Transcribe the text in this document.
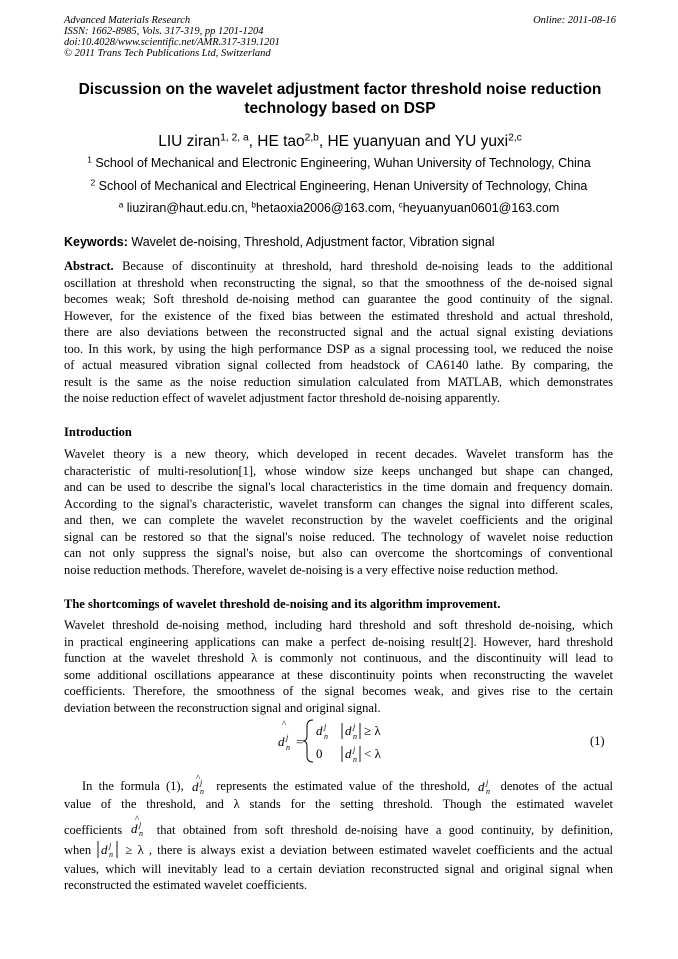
Advanced Materials Research
ISSN: 1662-8985, Vols. 317-319, pp 1201-1204
doi:10.4028/www.scientific.net/AMR.317-319.1201
© 2011 Trans Tech Publications Ltd, Switzerland
Online: 2011-08-16
Discussion on the wavelet adjustment factor threshold noise reduction
technology based on DSP
LIU ziran$^{1, 2, a}$, HE tao$^{2,b}$, HE yuanyuan and YU yuxi$^{2,c}$
$^1$ School of Mechanical and Electronic Engineering, Wuhan University of Technology, China
$^2$ School of Mechanical and Electrical Engineering, Henan University of Technology, China
$^a$ liuziran@haut.edu.cn, $^b$hetaoxia2006@163.com, $^c$heyuanyuan0601@163.com
Keywords: Wavelet de-noising, Threshold, Adjustment factor, Vibration signal
Abstract. Because of discontinuity at threshold, hard threshold de-noising leads to the additional
oscillation at threshold when reconstructing the signal, so that the smoothness of the de-noised signal
becomes weak; Soft threshold de-noising method can guarantee the good continuity of the signal.
However, for the existence of the fixed bias between the estimated threshold and actual threshold,
there are also deviations between the reconstructed signal and the actual signal existing deviations
too. In this work, by using the high performance DSP as a signal processing tool, we reduced the noise
of actual measured vibration signal collected from headstock of CA6140 lathe. By comparing, the
result is the same as the noise reduction simulation calculated from MATLAB, which demonstrates
the noise reduction effect of wavelet adjustment factor threshold de-noising apparently.
Introduction
Wavelet theory is a new theory, which developed in recent decades. Wavelet transform has the
characteristic of multi-resolution[1], whose window size keeps unchanged but shape can changed,
and can be used to describe the signal's local characteristics in the time domain and frequency domain.
According to the signal's characteristic, wavelet transform can changes the signal into different scales,
and then, we can complete the wavelet reconstruction by the wavelet coefficients and the original
signal can be restored so that the signal's noise reduced. The technology of wavelet noise reduction
can not only suppress the signal's noise, but also can overcome the shortcomings of conventional
noise reduction methods. Therefore, wavelet de-noising is a very effective noise reduction method.
The shortcomings of wavelet threshold de-noising and its algorithm improvement.
Wavelet threshold de-noising method, including hard threshold and soft threshold de-noising, which
in practical engineering applications can make a perfect de-noising result[2]. However, hard threshold
function at the wavelet threshold λ is commonly not continuous, and the discontinuity will lead to
some additional oscillations appearance at these discontinuity points when reconstructing the wavelet
coefficients. Therefore, the smoothness of the signal becomes weak, and gives rise to the certain
deviation between the reconstruction signal and original signal.
^
d j
n =
d j
n d j
n ≥ λ
0 d j
n < λ
(1)
In the formula (1),
^
d j
n represents the estimated value of the threshold, d j
n denotes of the actual
value of the threshold, and λ stands for the setting threshold. Though the estimated wavelet
coefficients
^
d j
n that obtained from soft threshold de-noising have a good continuity, by definition,
when d j
n ≥ λ , there is always exist a deviation between estimated wavelet coefficients and the actual
values, which will inevitably lead to a certain deviation reconstructed signal and original signal when
reconstructed the estimated wavelet coefficients.
